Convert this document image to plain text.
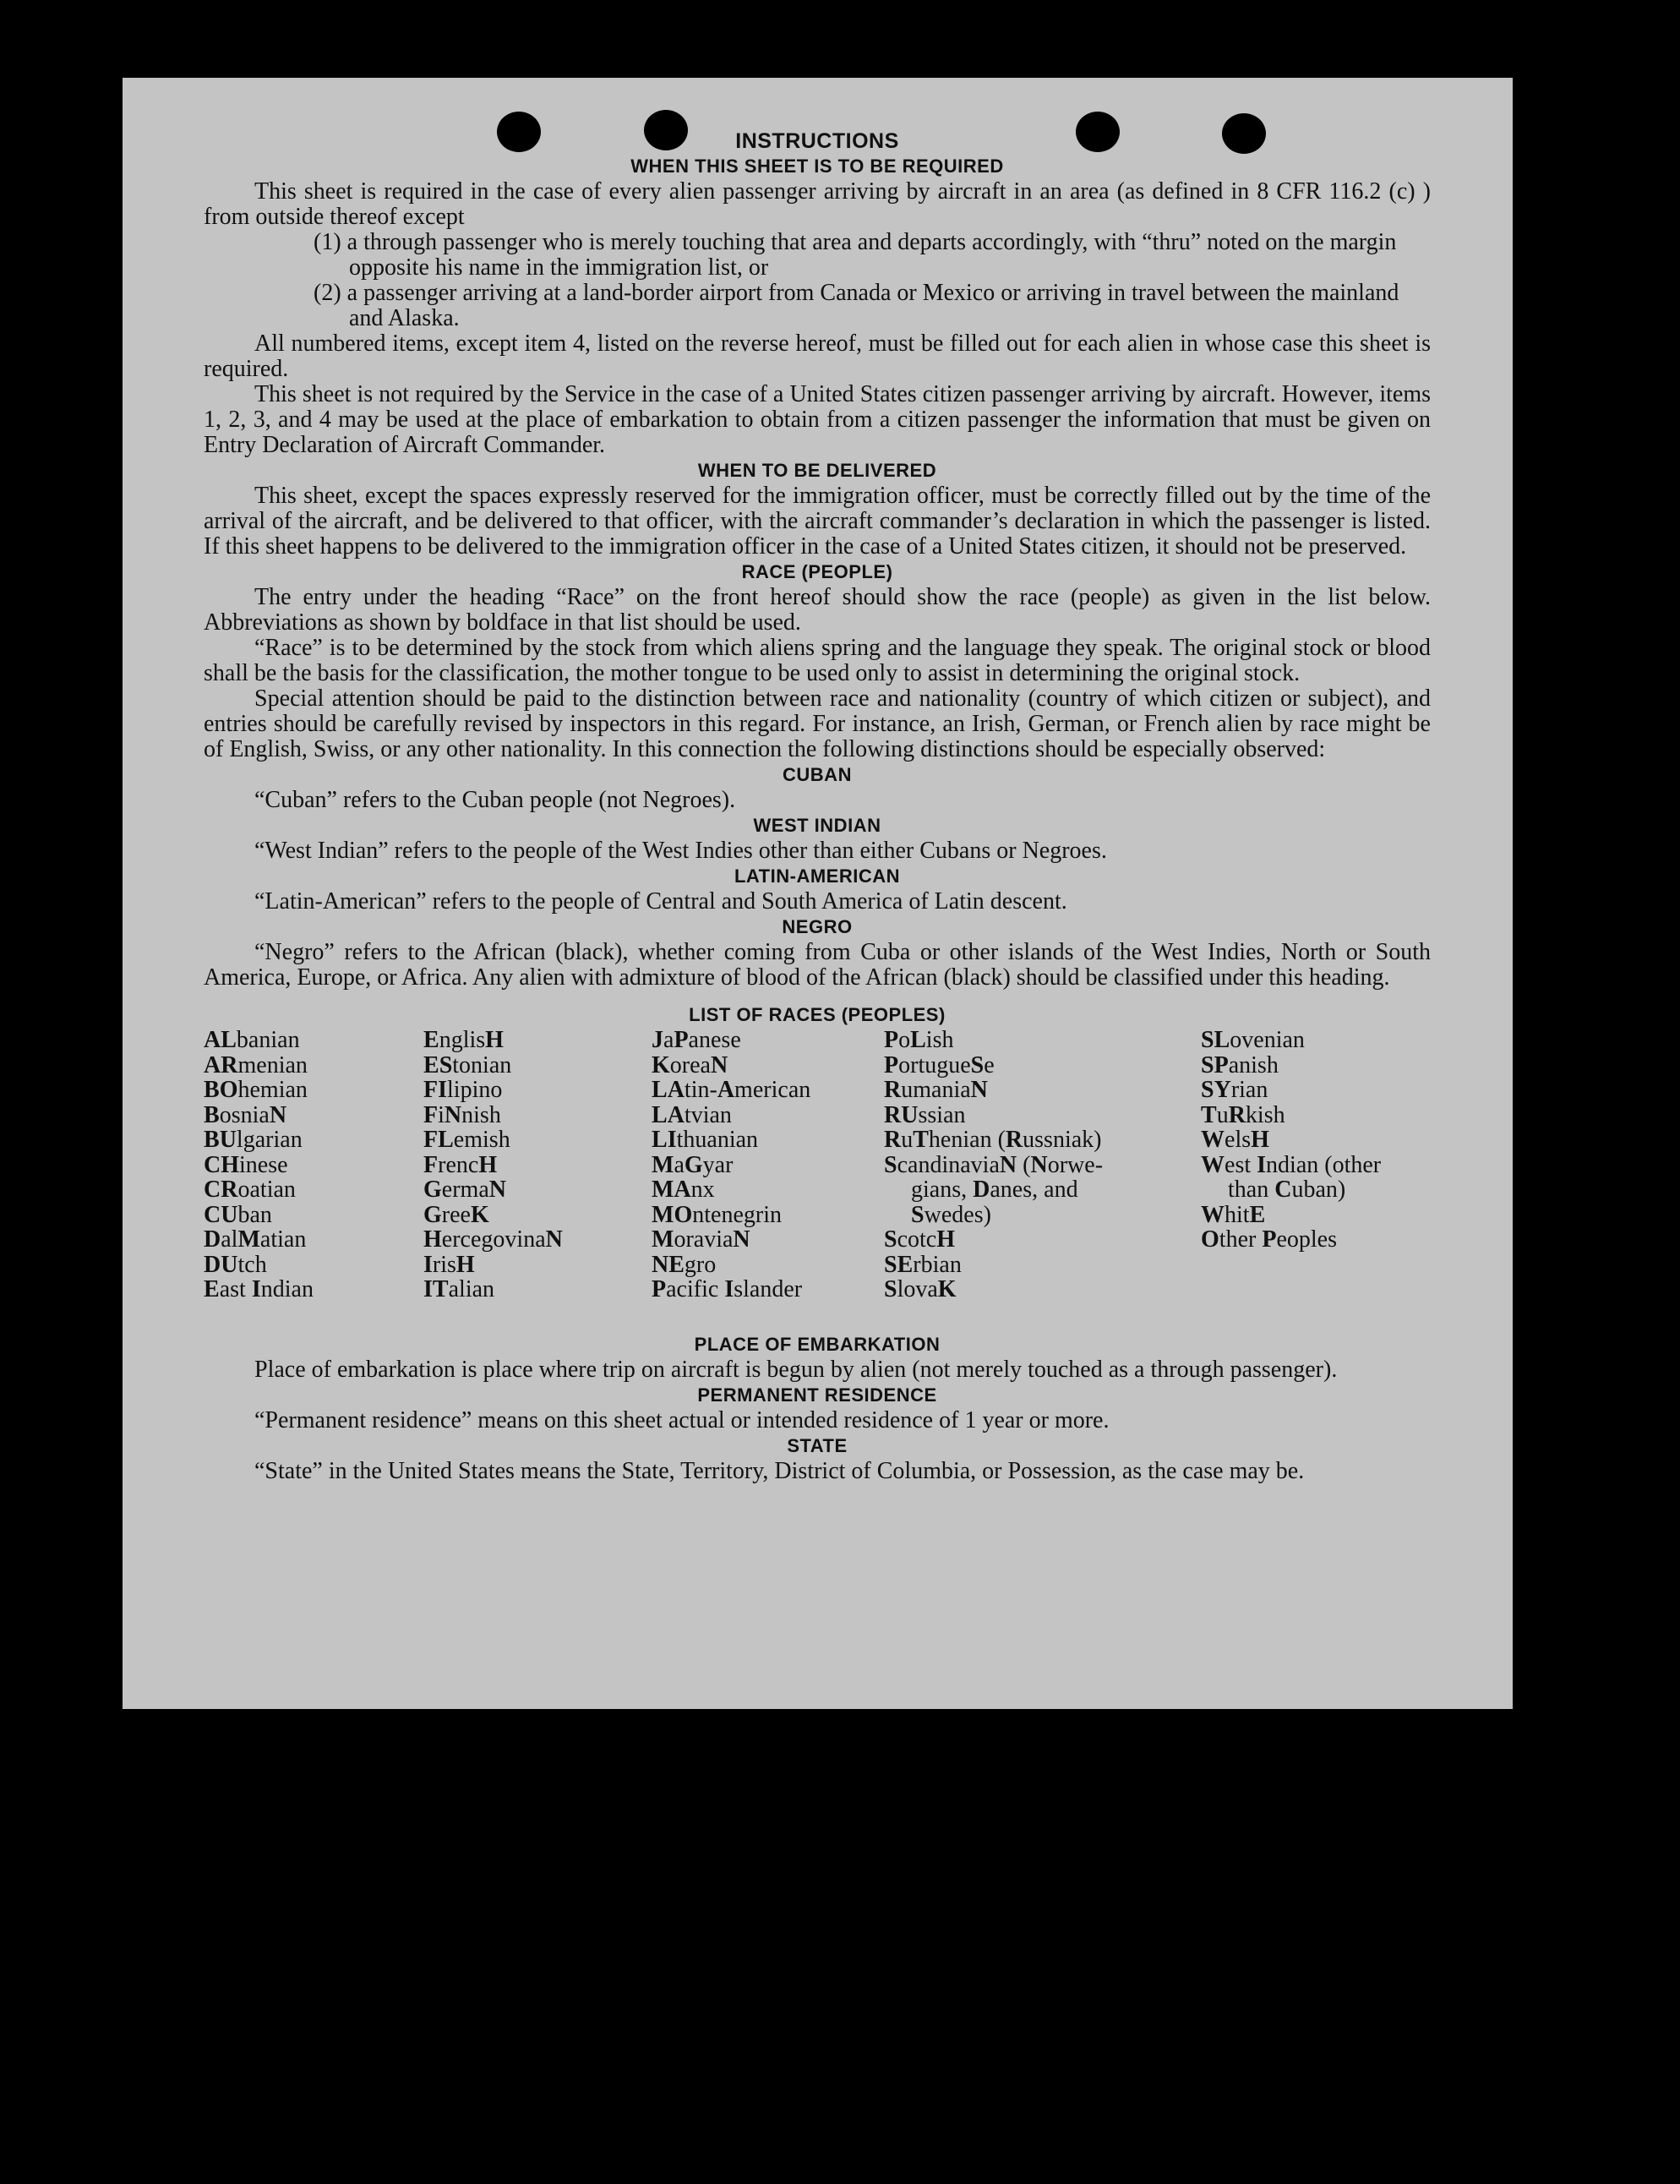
INSTRUCTIONS
WHEN THIS SHEET IS TO BE REQUIRED

This sheet is required in the case of every alien passenger arriving by aircraft in an area (as defined in 8 CFR 116.2 (c) ) from outside thereof except

(1) a through passenger who is merely touching that area and departs accordingly, with “thru” noted on the margin opposite his name in the immigration list, or

(2) a passenger arriving at a land-border airport from Canada or Mexico or arriving in travel between the mainland and Alaska.

All numbered items, except item 4, listed on the reverse hereof, must be filled out for each alien in whose case this sheet is required.

This sheet is not required by the Service in the case of a United States citizen passenger arriving by aircraft. However, items 1, 2, 3, and 4 may be used at the place of embarkation to obtain from a citizen passenger the information that must be given on Entry Declaration of Aircraft Commander.

WHEN TO BE DELIVERED

This sheet, except the spaces expressly reserved for the immigration officer, must be correctly filled out by the time of the arrival of the aircraft, and be delivered to that officer, with the aircraft commander’s declaration in which the passenger is listed. If this sheet happens to be delivered to the immigration officer in the case of a United States citizen, it should not be preserved.

RACE (PEOPLE)

The entry under the heading “Race” on the front hereof should show the race (people) as given in the list below. Abbreviations as shown by boldface in that list should be used.

“Race” is to be determined by the stock from which aliens spring and the language they speak. The original stock or blood shall be the basis for the classification, the mother tongue to be used only to assist in determining the original stock.

Special attention should be paid to the distinction between race and nationality (country of which citizen or subject), and entries should be carefully revised by inspectors in this regard. For instance, an Irish, German, or French alien by race might be of English, Swiss, or any other nationality. In this connection the following distinctions should be especially observed:

CUBAN

“Cuban” refers to the Cuban people (not Negroes).

WEST INDIAN

“West Indian” refers to the people of the West Indies other than either Cubans or Negroes.

LATIN-AMERICAN

“Latin-American” refers to the people of Central and South America of Latin descent.

NEGRO

“Negro” refers to the African (black), whether coming from Cuba or other islands of the West Indies, North or South America, Europe, or Africa. Any alien with admixture of blood of the African (black) should be classified under this heading.

LIST OF RACES (PEOPLES)
ALbanian
ARmenian
BOhemian
BosniaN
BUlgarian
CHinese
CRoatian
CUban
DalMatian
DUtch
East Indian
EnglisH
EStonian
FIlipino
FiNnish
FLemish
FrencH
GermaN
GreeK
HercegovinaN
IrisH
ITalian
JaPanese
KoreaN
LAtin-American
LAtvian
LIthuanian
MaGyar
MAnx
MOntenegrin
MoraviaN
NEgro
Pacific Islander
PoLish
PortugueSe
RumaniaN
RUssian
RuThenian (Russniak)
ScandinaviaN (Norwe-
gians, Danes, and
Swedes)
ScotcH
SErbian
SlovaK
SLovenian
SPanish
SYrian
TuRkish
WelsH
West Indian (other
than Cuban)
WhitE
Other Peoples
PLACE OF EMBARKATION

Place of embarkation is place where trip on aircraft is begun by alien (not merely touched as a through passenger).

PERMANENT RESIDENCE

“Permanent residence” means on this sheet actual or intended residence of 1 year or more.

STATE

“State” in the United States means the State, Territory, District of Columbia, or Possession, as the case may be.
